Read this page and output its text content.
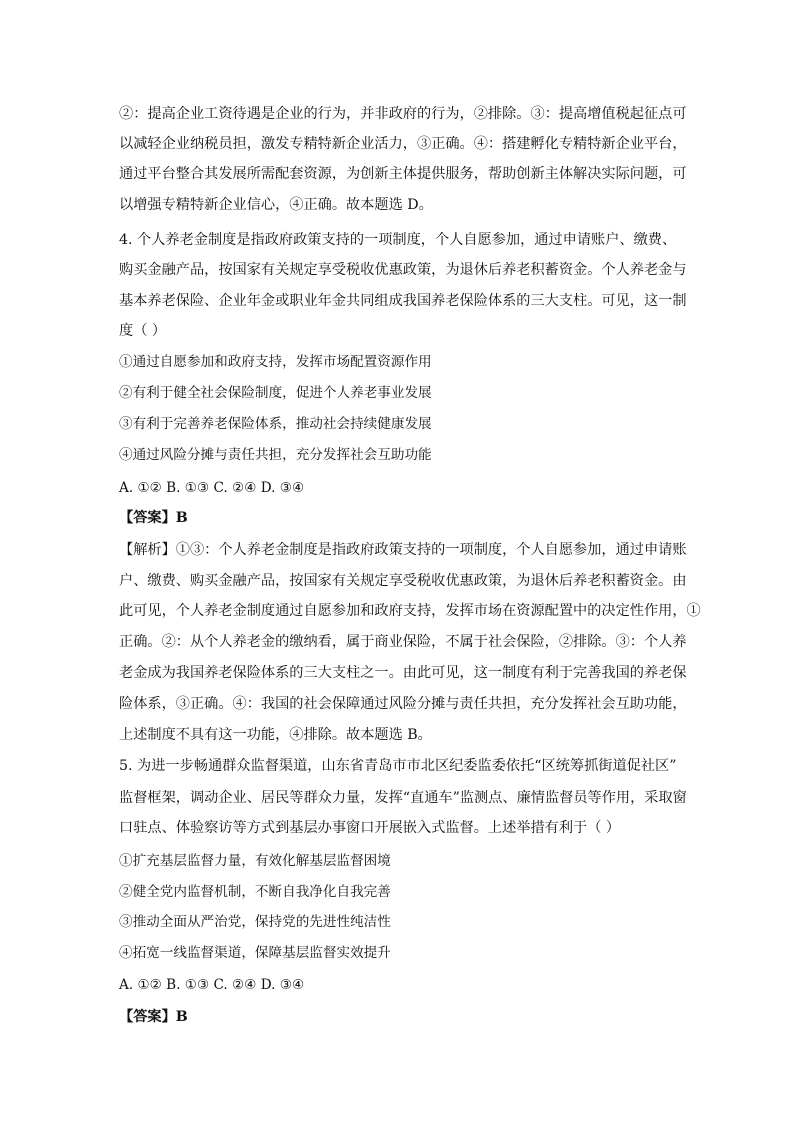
②：提高企业工资待遇是企业的行为，并非政府的行为，②排除。③：提高增值税起征点可
以减轻企业纳税员担，激发专精特新企业活力，③正确。④：搭建孵化专精特新企业平台，
通过平台整合其发展所需配套资源，为创新主体提供服务，帮助创新主体解决实际问题，可
以增强专精特新企业信心，④正确。故本题选 D。
4. 个人养老金制度是指政府政策支持的一项制度，个人自愿参加，通过申请账户、缴费、
购买金融产品，按国家有关规定享受税收优惠政策，为退休后养老积蓄资金。个人养老金与
基本养老保险、企业年金或职业年金共同组成我国养老保险体系的三大支柱。可见，这一制
度（ ）
①通过自愿参加和政府支持，发挥市场配置资源作用
②有利于健全社会保险制度，促进个人养老事业发展
③有利于完善养老保险体系，推动社会持续健康发展
④通过风险分摊与责任共担，充分发挥社会互助功能
A. ①② B. ①③ C. ②④ D. ③④
【答案】B
【解析】①③：个人养老金制度是指政府政策支持的一项制度，个人自愿参加，通过申请账
户、缴费、购买金融产品，按国家有关规定享受税收优惠政策，为退休后养老积蓄资金。由
此可见，个人养老金制度通过自愿参加和政府支持，发挥市场在资源配置中的决定性作用，①
正确。②：从个人养老金的缴纳看，属于商业保险，不属于社会保险，②排除。③：个人养
老金成为我国养老保险体系的三大支柱之一。由此可见，这一制度有利于完善我国的养老保
险体系，③正确。④：我国的社会保障通过风险分摊与责任共担，充分发挥社会互助功能，
上述制度不具有这一功能，④排除。故本题选 B。
5. 为进一步畅通群众监督渠道，山东省青岛市市北区纪委监委依托“区统筹抓街道促社区”
监督框架，调动企业、居民等群众力量，发挥“直通车”监测点、廉情监督员等作用，采取窗
口驻点、体验察访等方式到基层办事窗口开展嵌入式监督。上述举措有利于（ ）
①扩充基层监督力量，有效化解基层监督困境
②健全党内监督机制，不断自我净化自我完善
③推动全面从严治党，保持党的先进性纯洁性
④拓宽一线监督渠道，保障基层监督实效提升
A. ①② B. ①③ C. ②④ D. ③④
【答案】B
